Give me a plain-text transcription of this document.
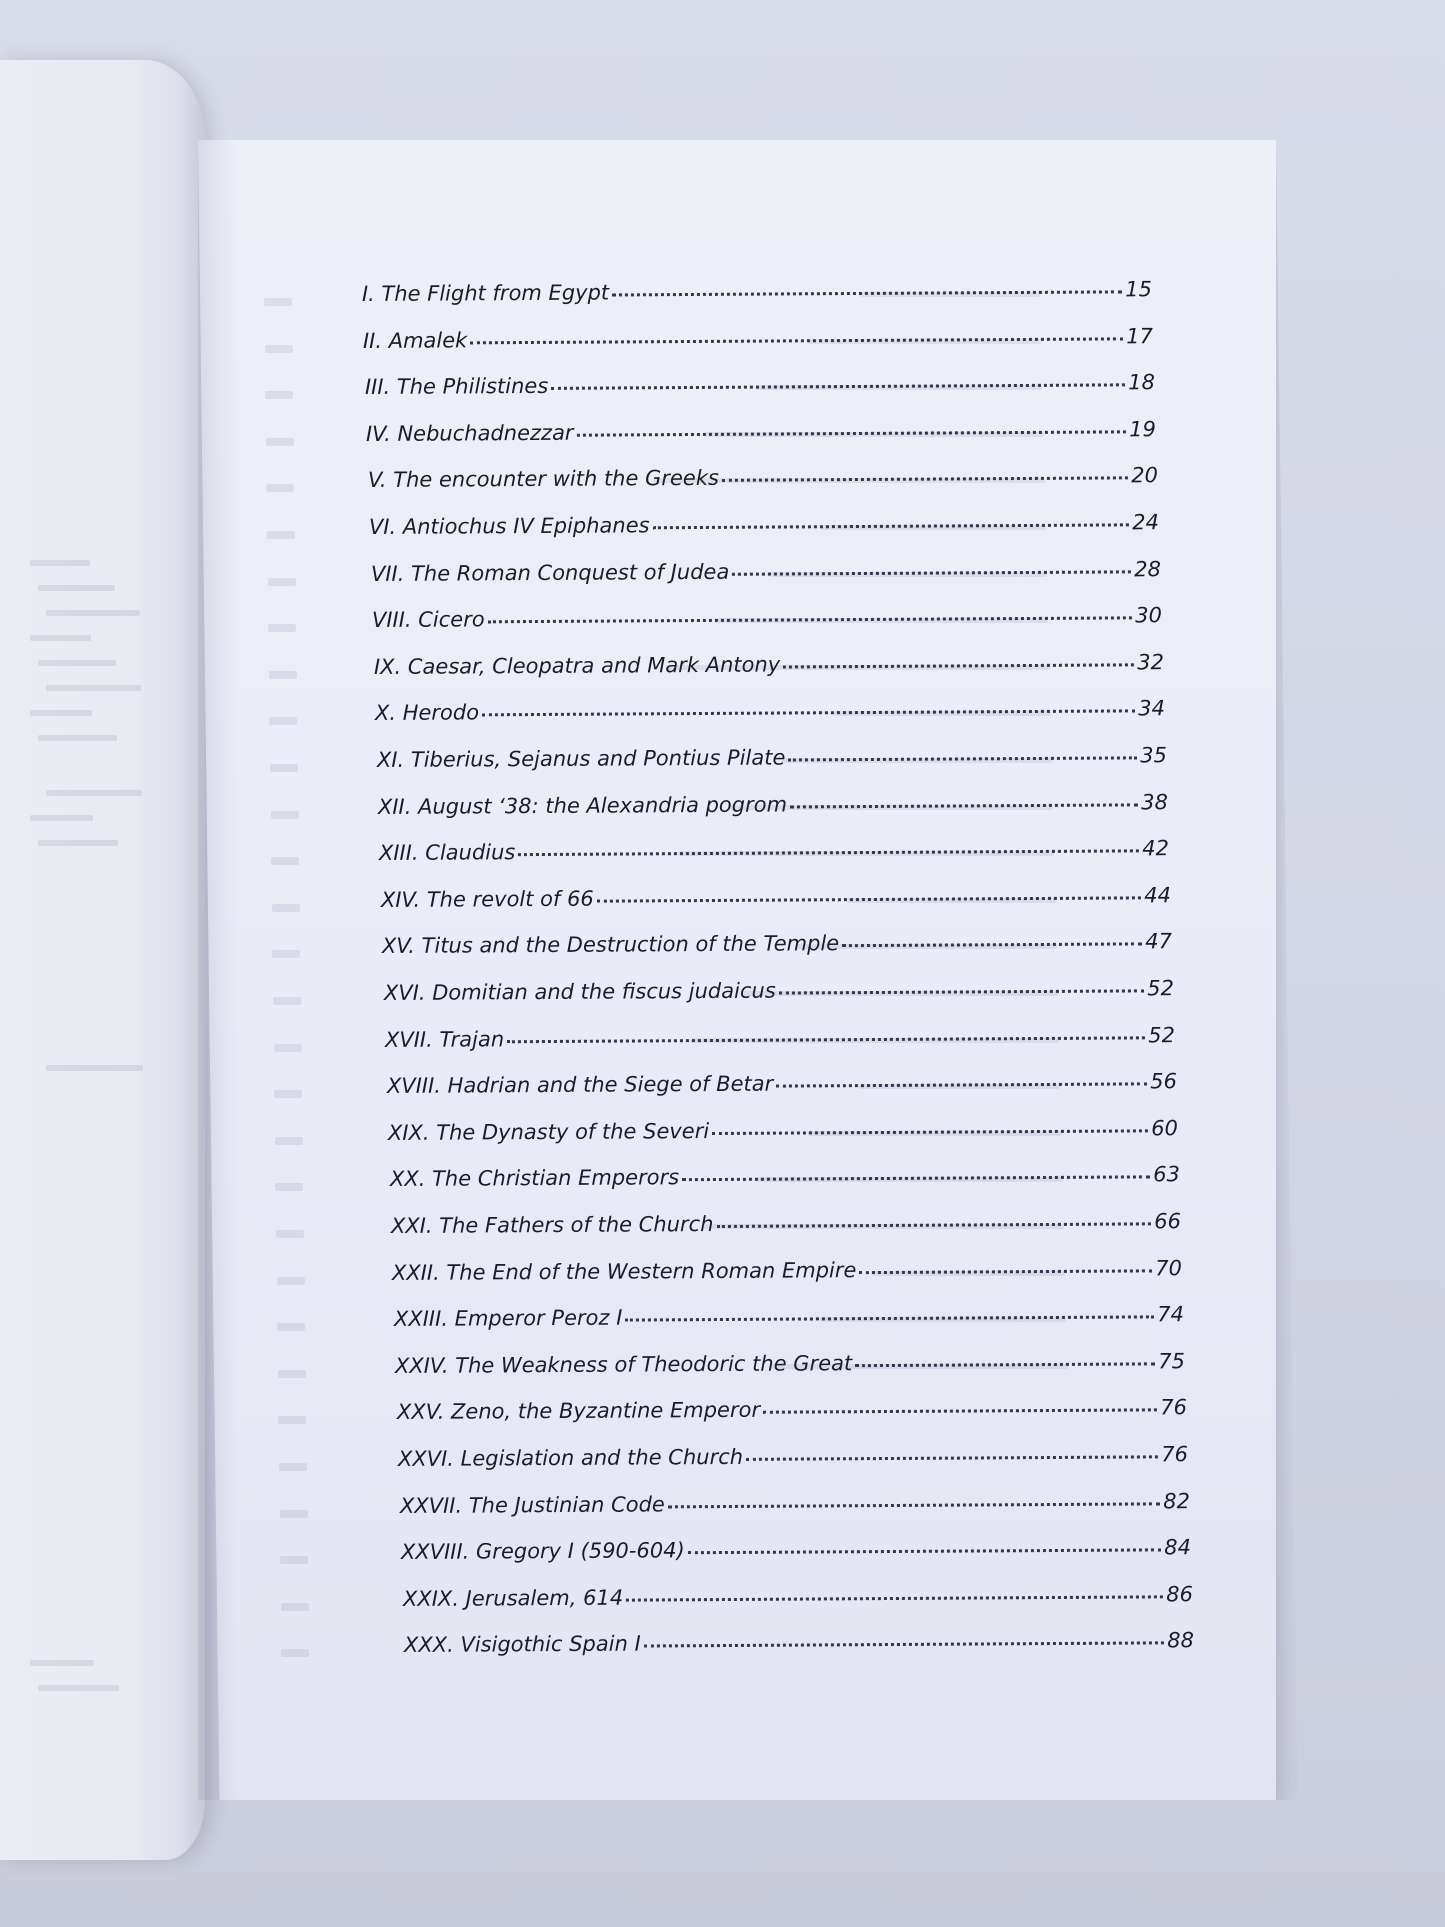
I. The Flight from Egypt	15
II. Amalek	17
III. The Philistines	18
IV. Nebuchadnezzar	19
V. The encounter with the Greeks	20
VI. Antiochus IV Epiphanes	24
VII. The Roman Conquest of Judea	28
VIII. Cicero	30
IX. Caesar, Cleopatra and Mark Antony	32
X. Herodo	34
XI. Tiberius, Sejanus and Pontius Pilate	35
XII. August ‘38: the Alexandria pogrom	38
XIII. Claudius	42
XIV. The revolt of 66	44
XV. Titus and the Destruction of the Temple	47
XVI. Domitian and the fiscus judaicus	52
XVII. Trajan	52
XVIII. Hadrian and the Siege of Betar	56
XIX. The Dynasty of the Severi	60
XX. The Christian Emperors	63
XXI. The Fathers of the Church	66
XXII. The End of the Western Roman Empire	70
XXIII. Emperor Peroz I	74
XXIV. The Weakness of Theodoric the Great	75
XXV. Zeno, the Byzantine Emperor	76
XXVI. Legislation and the Church	76
XXVII. The Justinian Code	82
XXVIII. Gregory I (590-604)	84
XXIX. Jerusalem, 614	86
XXX. Visigothic Spain I	88
